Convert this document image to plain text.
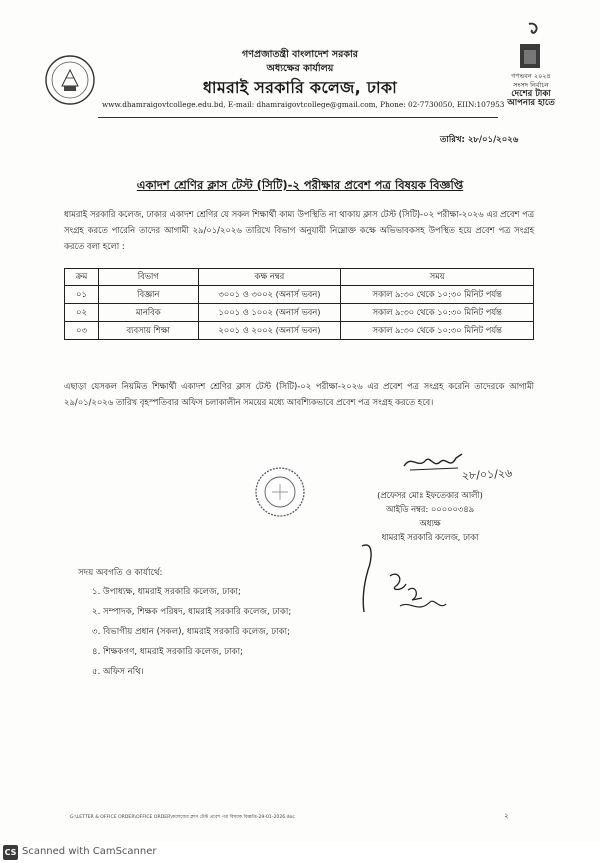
গণপ্রজাতন্ত্রী বাংলাদেশ সরকার
অধ্যক্ষের কার্যালয়
ধামরাই সরকারি কলেজ, ঢাকা
www.dhamraigovtcollege.edu.bd, E-mail: dhamraigovtcollege@gmail.com, Phone: 02-7730050, EIIN:107953
গণভবন ২০২৪
সংসদ নির্বাচন
দেশের টাকা
আপনার হাতে
তারিখ: ২৮/০১/২০২৬
একাদশ শ্রেণির ক্লাস টেস্ট (সিটি)-২ পরীক্ষার প্রবেশ পত্র বিষয়ক বিজ্ঞপ্তি
ধামরাই সরকারি কলেজ, ঢাকার একাদশ শ্রেণির যে সকল শিক্ষার্থী কাম্য উপস্থিতি না থাকায় ক্লাস টেস্ট (সিটি)-০২ পরীক্ষা-২০২৬ এর প্রবেশ পত্র সংগ্রহ করতে পারেনি তাদের আগামী ২৯/০১/২০২৬ তারিখে বিভাগ অনুযায়ী নিম্নোক্ত কক্ষে অভিভাবকসহ উপস্থিত হয়ে প্রবেশ পত্র সংগ্রহ করতে বলা হলো :
ক্রম	বিভাগ	কক্ষ নম্বর	সময়
০১	বিজ্ঞান	৩০০১ ও ৩০০২ (অনার্স ভবন)	সকাল ৯:৩০ থেকে ১০:৩০ মিনিট পর্যন্ত
০২	মানবিক	১০০১ ও ১০০২ (অনার্স ভবন)	সকাল ৯:৩০ থেকে ১০:৩০ মিনিট পর্যন্ত
০৩	ব্যবসায় শিক্ষা	২০০১ ও ২০০২ (অনার্স ভবন)	সকাল ৯:৩০ থেকে ১০:৩০ মিনিট পর্যন্ত
এছাড়া যেসকল নিয়মিত শিক্ষার্থী একাদশ শ্রেণির ক্লাস টেস্ট (সিটি)-০২ পরীক্ষা-২০২৬ এর প্রবেশ পত্র সংগ্রহ করেনি তাদেরকে আগামী ২৯/০১/২০২৬ তারিখ বৃহস্পতিবার অফিস চলাকালীন সময়ের মধ্যে আবশ্যিকভাবে প্রবেশ পত্র সংগ্রহ করতে হবে।
২৮/০১/২৬
(প্রফেসর মোঃ ইফতেকার আলী)
আইডি নম্বর: ০০০০০৩৪৯
অধ্যক্ষ
ধামরাই সরকারি কলেজ, ঢাকা
সদয় অবগতি ও কার্যার্থে:
১. উপাধ্যক্ষ, ধামরাই সরকারি কলেজ, ঢাকা;
২. সম্পাদক, শিক্ষক পরিষদ, ধামরাই সরকারি কলেজ, ঢাকা;
৩. বিভাগীয় প্রধান (সকল), ধামরাই সরকারি কলেজ, ঢাকা;
৪. শিক্ষকগণ, ধামরাই সরকারি কলেজ, ঢাকা;
৫. অফিস নথি।
G:\LETTER & OFFICE ORDER\OFFICE ORDER\কলেজের ক্লাস টেস্ট প্রবেশ পত্র বিষয়ক বিজ্ঞপ্তি-29-01-2026.doc	২
CS Scanned with CamScanner
